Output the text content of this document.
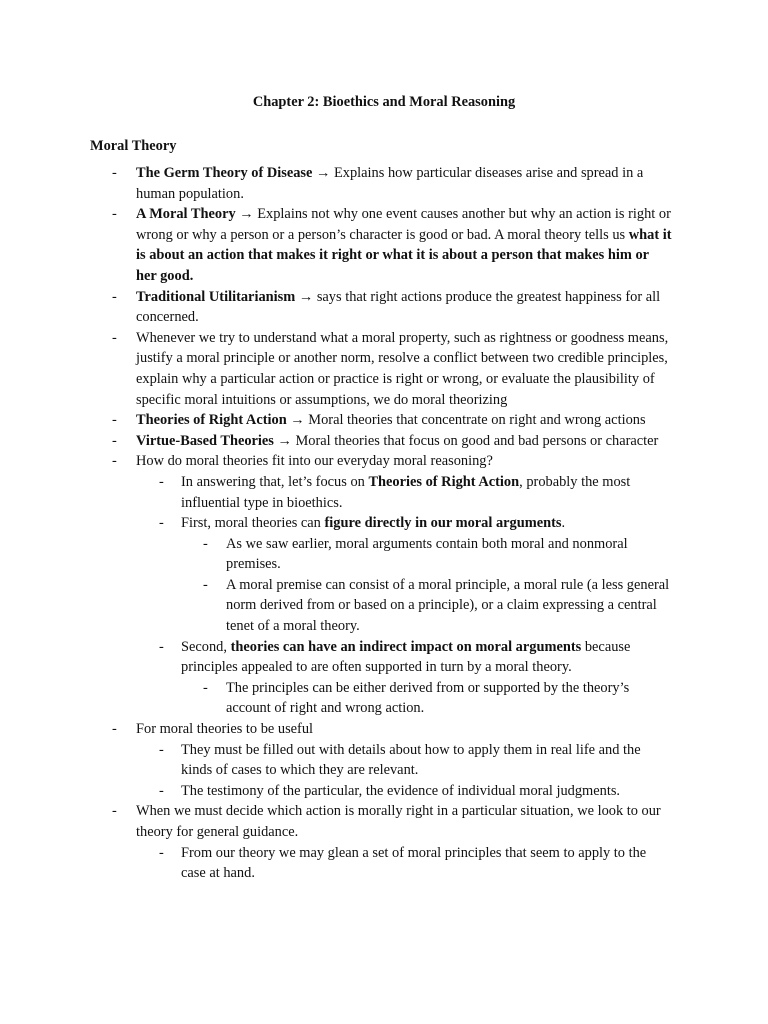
Chapter 2: Bioethics and Moral Reasoning

Moral Theory

- The Germ Theory of Disease → Explains how particular diseases arise and spread in a human population.
- A Moral Theory → Explains not why one event causes another but why an action is right or wrong or why a person or a person’s character is good or bad. A moral theory tells us what it is about an action that makes it right or what it is about a person that makes him or her good.
- Traditional Utilitarianism → says that right actions produce the greatest happiness for all concerned.
- Whenever we try to understand what a moral property, such as rightness or goodness means, justify a moral principle or another norm, resolve a conflict between two credible principles, explain why a particular action or practice is right or wrong, or evaluate the plausibility of specific moral intuitions or assumptions, we do moral theorizing
- Theories of Right Action → Moral theories that concentrate on right and wrong actions
- Virtue-Based Theories → Moral theories that focus on good and bad persons or character
- How do moral theories fit into our everyday moral reasoning?
- In answering that, let’s focus on Theories of Right Action, probably the most influential type in bioethics.
- First, moral theories can figure directly in our moral arguments.
- As we saw earlier, moral arguments contain both moral and nonmoral premises.
- A moral premise can consist of a moral principle, a moral rule (a less general norm derived from or based on a principle), or a claim expressing a central tenet of a moral theory.
- Second, theories can have an indirect impact on moral arguments because principles appealed to are often supported in turn by a moral theory.
- The principles can be either derived from or supported by the theory’s account of right and wrong action.
- For moral theories to be useful
- They must be filled out with details about how to apply them in real life and the kinds of cases to which they are relevant.
- The testimony of the particular, the evidence of individual moral judgments.
- When we must decide which action is morally right in a particular situation, we look to our theory for general guidance.
- From our theory we may glean a set of moral principles that seem to apply to the case at hand.
